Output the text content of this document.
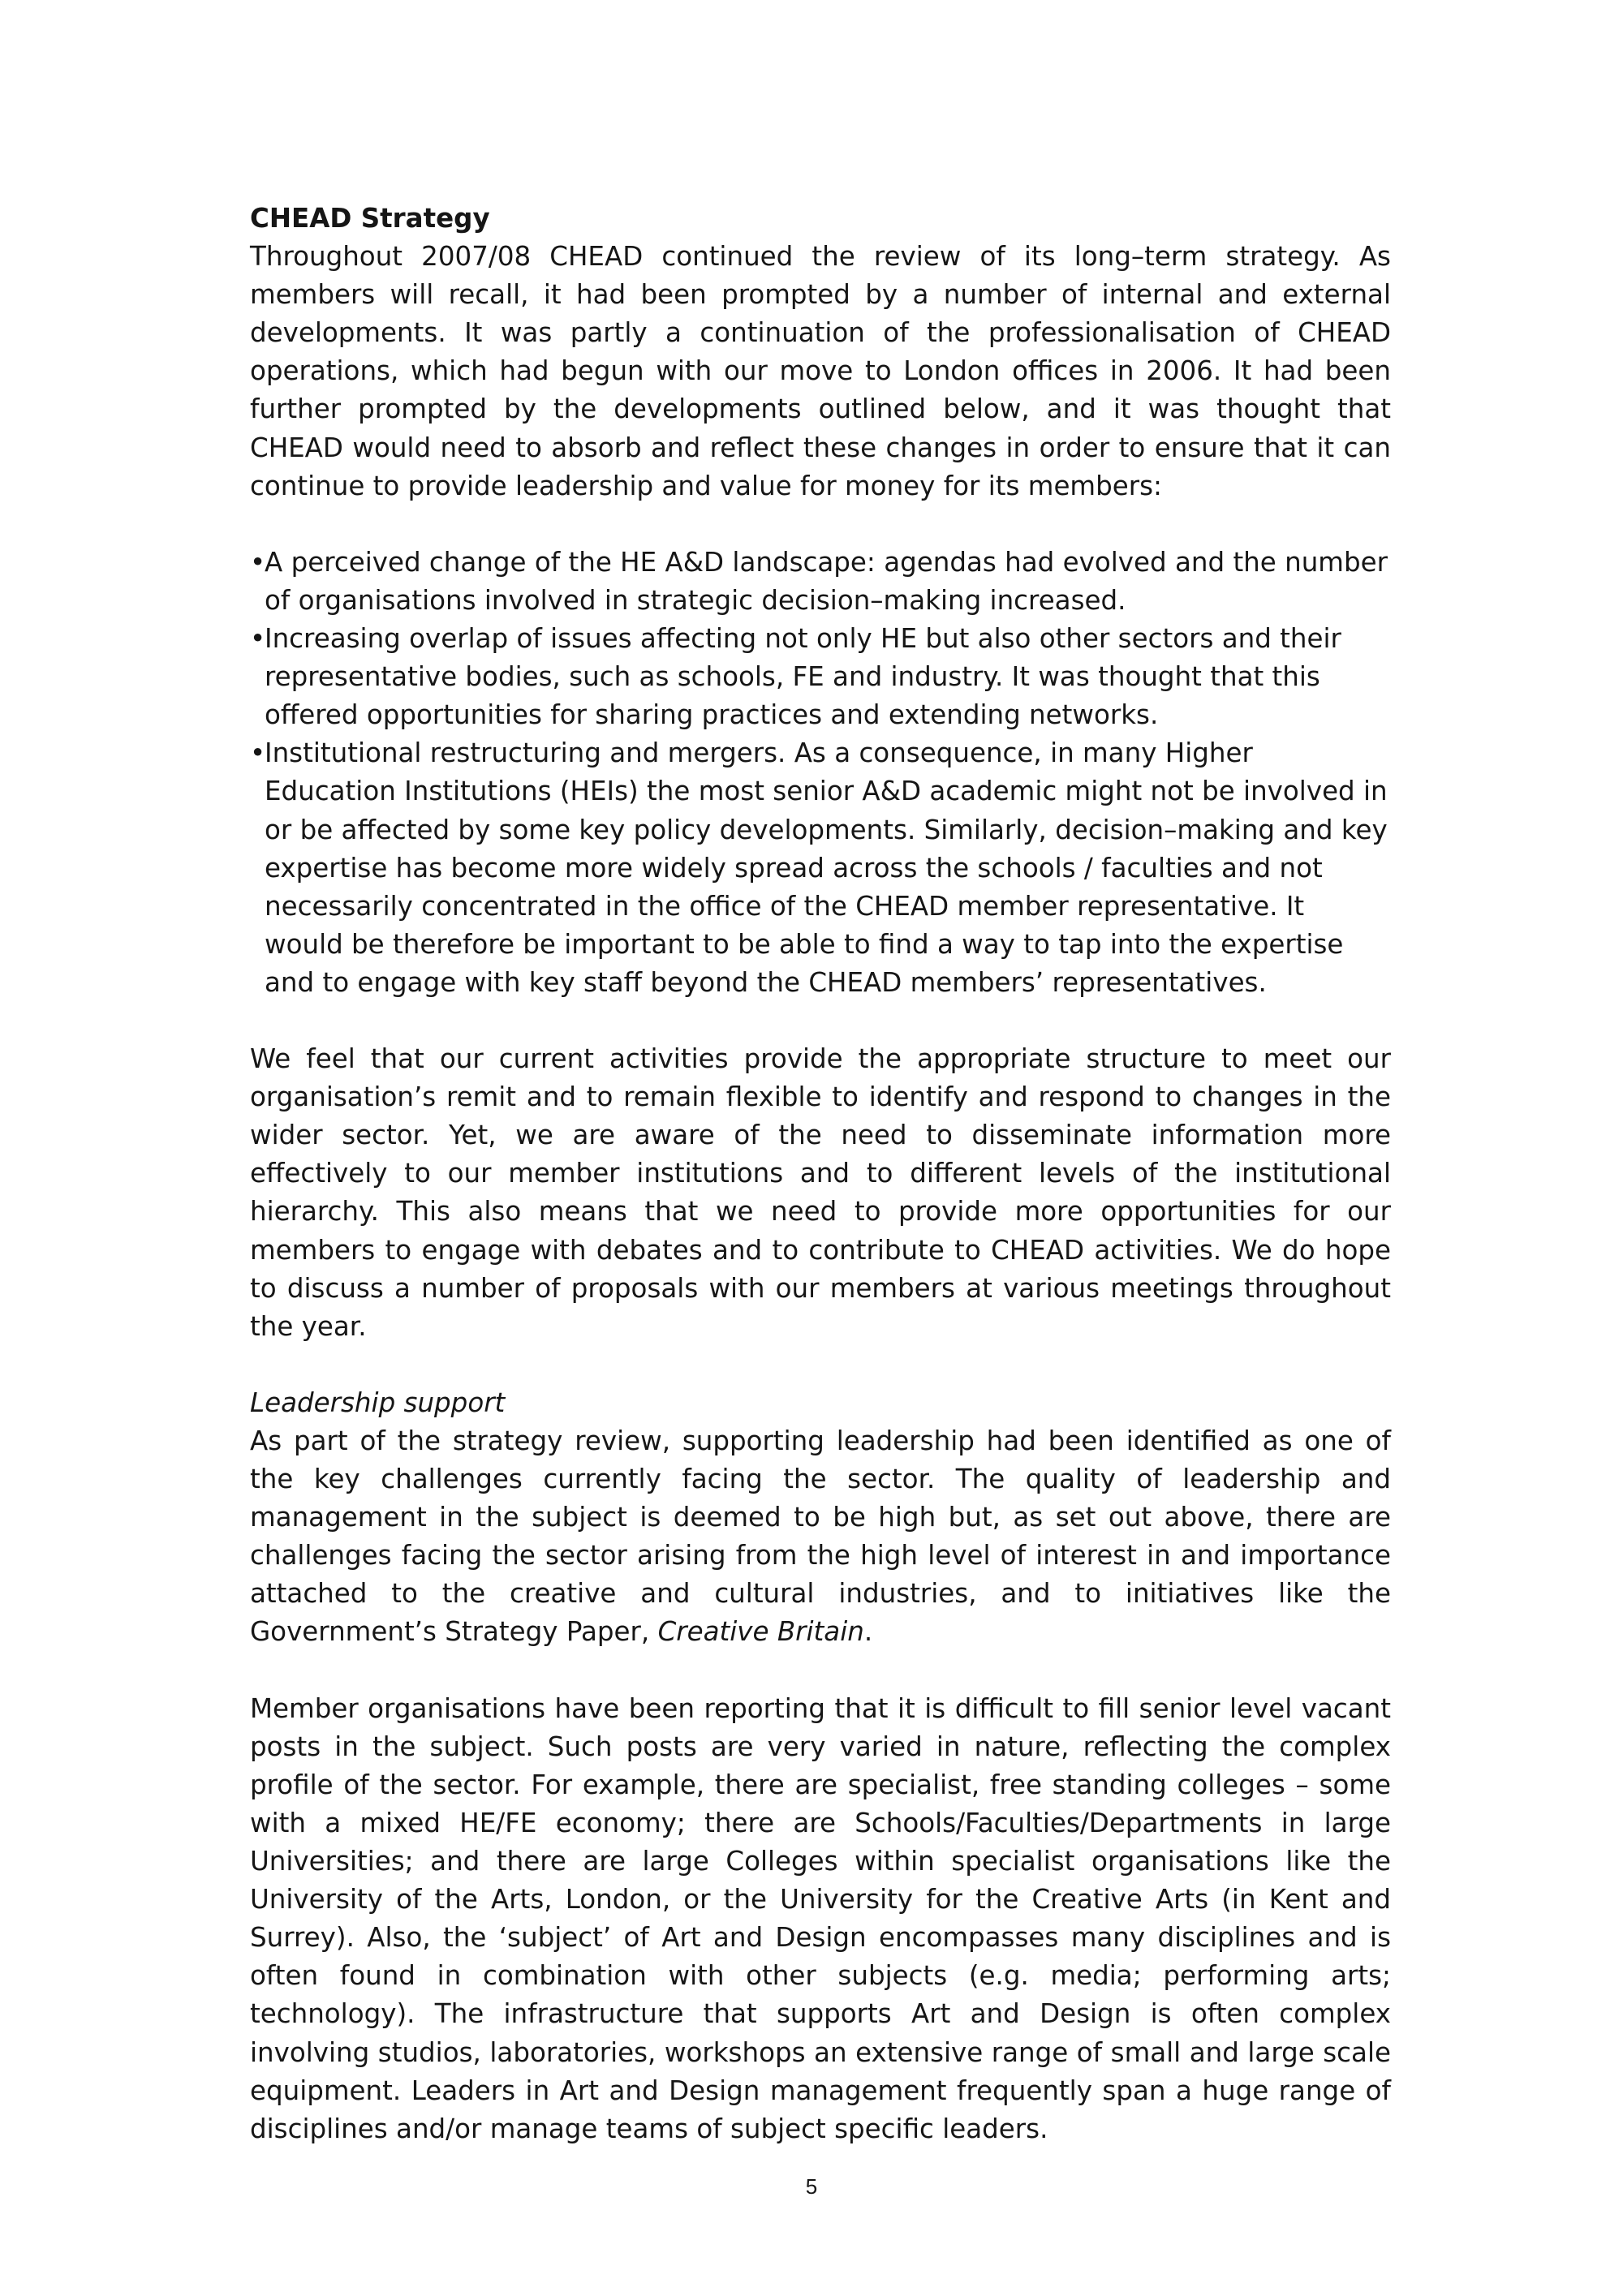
CHEAD Strategy

Throughout 2007/08 CHEAD continued the review of its long–term strategy. As members will recall, it had been prompted by a number of internal and external developments. It was partly a continuation of the professionalisation of CHEAD operations, which had begun with our move to London offices in 2006. It had been further prompted by the developments outlined below, and it was thought that CHEAD would need to absorb and reflect these changes in order to ensure that it can continue to provide leadership and value for money for its members:

•
A perceived change of the HE A&D landscape: agendas had evolved and the number of organisations involved in strategic decision–making increased.
•
Increasing overlap of issues affecting not only HE but also other sectors and their representative bodies, such as schools, FE and industry. It was thought that this offered opportunities for sharing practices and extending networks.
•
Institutional restructuring and mergers. As a consequence, in many Higher Education Institutions (HEIs) the most senior A&D academic might not be involved in or be affected by some key policy developments. Similarly, decision–making and key expertise has become more widely spread across the schools / faculties and not necessarily concentrated in the office of the CHEAD member representative. It would be therefore be important to be able to find a way to tap into the expertise and to engage with key staff beyond the CHEAD members’ representatives.

We feel that our current activities provide the appropriate structure to meet our organisation’s remit and to remain flexible to identify and respond to changes in the wider sector. Yet, we are aware of the need to disseminate information more effectively to our member institutions and to different levels of the institutional hierarchy. This also means that we need to provide more opportunities for our members to engage with debates and to contribute to CHEAD activities. We do hope to discuss a number of proposals with our members at various meetings throughout the year.

Leadership support

As part of the strategy review, supporting leadership had been identified as one of the key challenges currently facing the sector. The quality of leadership and management in the subject is deemed to be high but, as set out above, there are challenges facing the sector arising from the high level of interest in and importance attached to the creative and cultural industries, and to initiatives like the Government’s Strategy Paper, Creative Britain.

Member organisations have been reporting that it is difficult to fill senior level vacant posts in the subject. Such posts are very varied in nature, reflecting the complex profile of the sector. For example, there are specialist, free standing colleges – some with a mixed HE/FE economy; there are Schools/Faculties/Departments in large Universities; and there are large Colleges within specialist organisations like the University of the Arts, London, or the University for the Creative Arts (in Kent and Surrey). Also, the ‘subject’ of Art and Design encompasses many disciplines and is often found in combination with other subjects (e.g. media; performing arts; technology). The infrastructure that supports Art and Design is often complex involving studios, laboratories, workshops an extensive range of small and large scale equipment. Leaders in Art and Design management frequently span a huge range of disciplines and/or manage teams of subject specific leaders.

5
